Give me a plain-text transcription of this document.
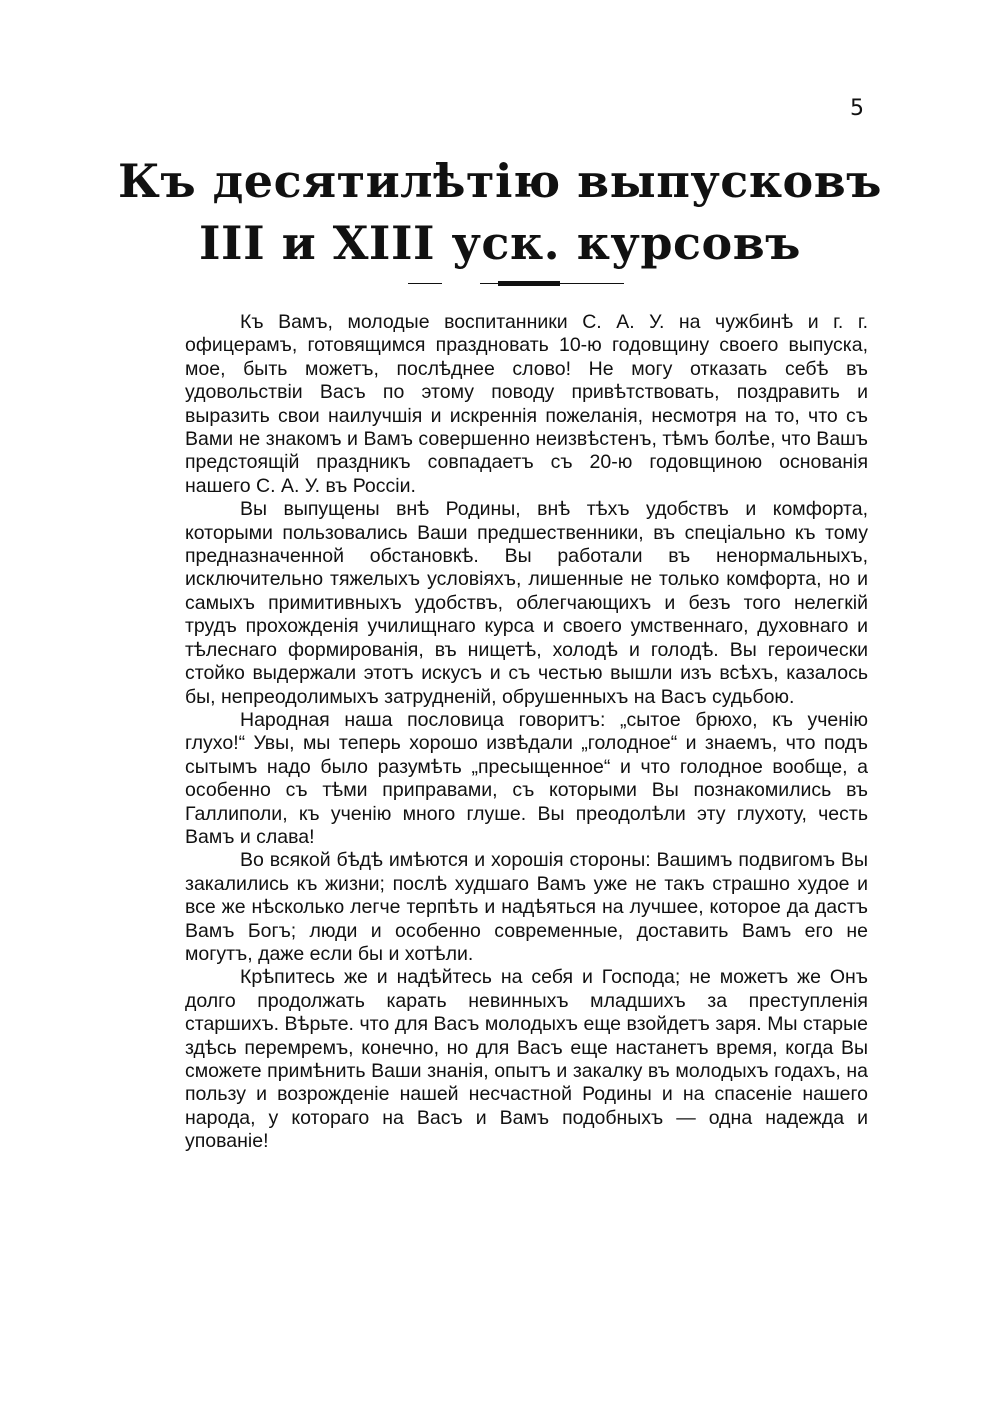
5
Къ десятилѣтію выпусковъ
III и XIII уск. курсовъ

Къ Вамъ, молодые воспитанники С. А. У. на чужбинѣ и г. г. офицерамъ, готовящимся праздновать 10-ю годовщину своего выпуска, мое, быть можетъ, послѣднее слово! Не могу отказать себѣ въ удовольствіи Васъ по этому поводу привѣтствовать, поздравить и выразить свои наилучшія и искреннія пожеланія, несмотря на то, что съ Вами не знакомъ и Вамъ совершенно неизвѣстенъ, тѣмъ болѣе, что Вашъ предстоящій праздникъ совпадаетъ съ 20-ю годовщиною основанія нашего С. А. У. въ Россіи.

Вы выпущены внѣ Родины, внѣ тѣхъ удобствъ и комфорта, которыми пользовались Ваши предшественники, въ спеціально къ тому предназначенной обстановкѣ. Вы работали въ ненормальныхъ, исключительно тяжелыхъ условіяхъ, лишенные не только комфорта, но и самыхъ примитивныхъ удобствъ, облегчающихъ и безъ того нелегкій трудъ прохожденія училищнаго курса и своего умственнаго, духовнаго и тѣлеснаго формированія, въ нищетѣ, холодѣ и голодѣ. Вы героически стойко выдержали этотъ искусъ и съ честью вышли изъ всѣхъ, казалось бы, непреодолимыхъ затрудненій, обрушенныхъ на Васъ судьбою.

Народная наша пословица говоритъ: „сытое брюхо, къ ученію глухо!“ Увы, мы теперь хорошо извѣдали „голодное“ и знаемъ, что подъ сытымъ надо было разумѣть „пресыщенное“ и что голодное вообще, а особенно съ тѣми приправами, съ которыми Вы познакомились въ Галлиполи, къ ученію много глуше. Вы преодолѣли эту глухоту, честь Вамъ и слава!

Во всякой бѣдѣ имѣются и хорошія стороны: Вашимъ подвигомъ Вы закалились къ жизни; послѣ худшаго Вамъ уже не такъ страшно худое и все же нѣсколько легче терпѣть и надѣяться на лучшее, которое да дастъ Вамъ Богъ; люди и особенно современные, доставить Вамъ его не могутъ, даже если бы и хотѣли.

Крѣпитесь же и надѣйтесь на себя и Господа; не можетъ же Онъ долго продолжать карать невинныхъ младшихъ за преступленія старшихъ. Вѣрьте. что для Васъ молодыхъ еще взойдетъ заря. Мы старые здѣсь перемремъ, конечно, но для Васъ еще настанетъ время, когда Вы сможете примѣнить Ваши знанія, опытъ и закалку въ молодыхъ годахъ, на пользу и возрожденіе нашей несчастной Родины и на спасеніе нашего народа, у котораго на Васъ и Вамъ подобныхъ — одна надежда и упованіе!
